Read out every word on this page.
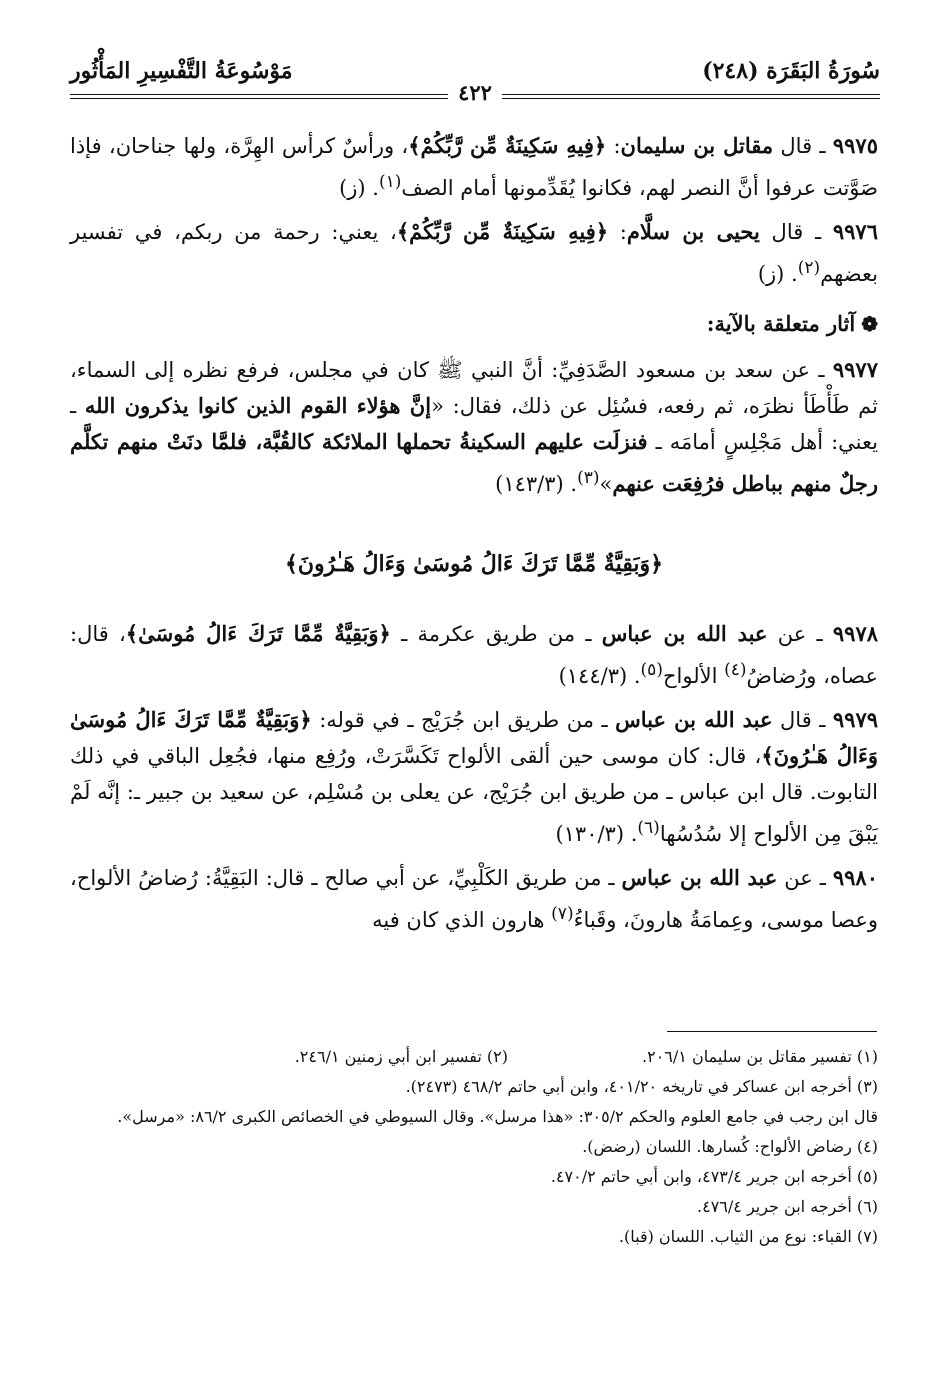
سُورَةُ البَقَرَة (٢٤٨)
مَوْسُوعَةُ التَّفْسِيرِ المَأْثُور
٤٢٢

٩٩٧٥ ـ قال مقاتل بن سليمان: ﴿فِيهِ سَكِينَةٌ مِّن رَّبِّكُمْ﴾، ورأسٌ كرأس الهِرَّة، ولها جناحان، فإذا صَوَّتت عرفوا أنَّ النصر لهم، فكانوا يُقَدِّمونها أمام الصف$^{(١)}$. (ز)

٩٩٧٦ ـ قال يحيى بن سلَّام: ﴿فِيهِ سَكِينَةٌ مِّن رَّبِّكُمْ﴾، يعني: رحمة من ربكم، في تفسير بعضهم$^{(٢)}$. (ز)

❁آثار متعلقة بالآية:

٩٩٧٧ ـ عن سعد بن مسعود الصَّدَفِيِّ: أنَّ النبي ﷺ كان في مجلس، فرفع نظره إلى السماء، ثم طَأْطَأ نظرَه، ثم رفعه، فسُئِل عن ذلك، فقال: «إنَّ هؤلاء القوم الذين كانوا يذكرون الله ـ يعني: أهل مَجْلِسٍ أمامَه ـ فنزلَت عليهم السكينةُ تحملها الملائكة كالقُبَّة، فلمَّا دنَتْ منهم تكلَّم رجلٌ منهم بباطل فرُفِعَت عنهم»$^{(٣)}$. (١٤٣/٣)

﴿وَبَقِيَّةٌ مِّمَّا تَرَكَ ءَالُ مُوسَىٰ وَءَالُ هَـٰرُونَ﴾

٩٩٧٨ ـ عن عبد الله بن عباس ـ من طريق عكرمة ـ ﴿وَبَقِيَّةٌ مِّمَّا تَرَكَ ءَالُ مُوسَىٰ﴾، قال: عصاه، ورُضاضُ$^{(٤)}$ الألواح$^{(٥)}$. (١٤٤/٣)

٩٩٧٩ ـ قال عبد الله بن عباس ـ من طريق ابن جُرَيْج ـ في قوله: ﴿وَبَقِيَّةٌ مِّمَّا تَرَكَ ءَالُ مُوسَىٰ وَءَالُ هَـٰرُونَ﴾، قال: كان موسى حين ألقى الألواح تَكَسَّرَتْ، ورُفِع منها، فجُعِل الباقي في ذلك التابوت. قال ابن عباس ـ من طريق ابن جُرَيْج، عن يعلى بن مُسْلِم، عن سعيد بن جبير ـ: إنَّه لَمْ يَبْقَ مِن الألواح إلا سُدُسُها$^{(٦)}$. (١٣٠/٣)

٩٩٨٠ ـ عن عبد الله بن عباس ـ من طريق الكَلْبِيِّ، عن أبي صالح ـ قال: البَقِيَّةُ: رُضاضُ الألواح، وعصا موسى، وعِمامَةُ هارونَ، وقَباءُ$^{(٧)}$ هارون الذي كان فيه

(١) تفسير مقاتل بن سليمان ٢٠٦/١.

(٢) تفسير ابن أبي زمنين ٢٤٦/١.

(٣) أخرجه ابن عساكر في تاريخه ٤٠١/٢٠، وابن أبي حاتم ٤٦٨/٢ (٢٤٧٣).

قال ابن رجب في جامع العلوم والحكم ٣٠٥/٢: «هذا مرسل». وقال السيوطي في الخصائص الكبرى ٨٦/٢: «مرسل».

(٤) رضاض الألواح: كُسارها. اللسان (رضض).

(٥) أخرجه ابن جرير ٤٧٣/٤، وابن أبي حاتم ٤٧٠/٢.

(٦) أخرجه ابن جرير ٤٧٦/٤.

(٧) القباء: نوع من الثياب. اللسان (قبا).
